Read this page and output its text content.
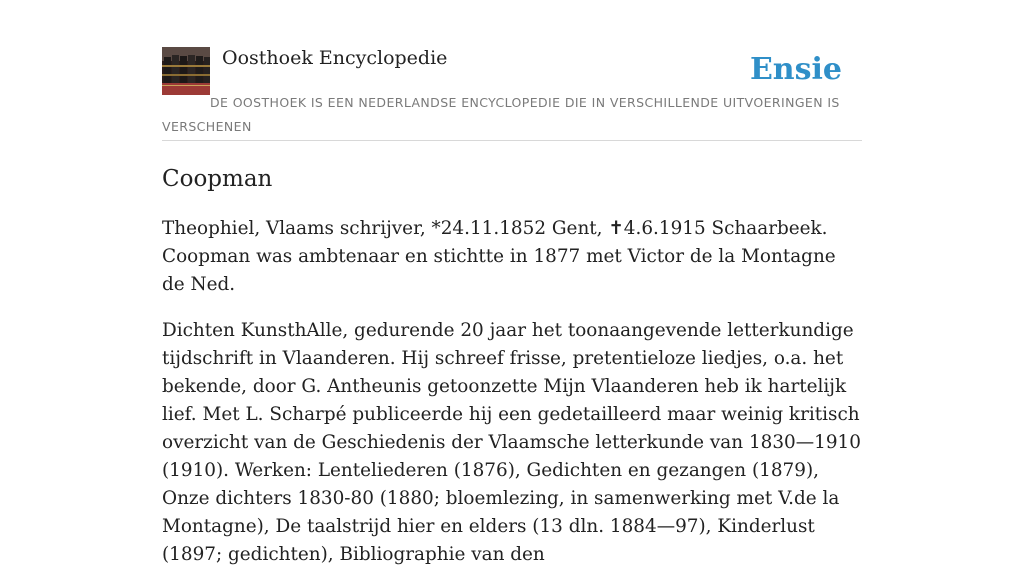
Oosthoek Encyclopedie	Ensie
DE OOSTHOEK IS EEN NEDERLANDSE ENCYCLOPEDIE DIE IN VERSCHILLENDE UITVOERINGEN IS VERSCHENEN
Coopman

Theophiel, Vlaams schrijver, *24.11.1852 Gent, ✝4.6.1915 Schaarbeek. Coopman was ambtenaar en stichtte in 1877 met Victor de la Montagne de Ned.

Dichten KunsthAlle, gedurende 20 jaar het toonaangevende letterkundige tijdschrift in Vlaanderen. Hij schreef frisse, pretentieloze liedjes, o.a. het bekende, door G. Antheunis getoonzette Mijn Vlaanderen heb ik hartelijk lief. Met L. Scharpé publiceerde hij een gedetailleerd maar weinig kritisch overzicht van de Geschiedenis der Vlaamsche letterkunde van 1830—1910 (1910). Werken: Lenteliederen (1876), Gedichten en gezangen (1879), Onze dichters 1830-80 (1880; bloemlezing, in samenwerking met V.de la Montagne), De taalstrijd hier en elders (13 dln. 1884—97), Kinderlust (1897; gedichten), Bibliographie van den
